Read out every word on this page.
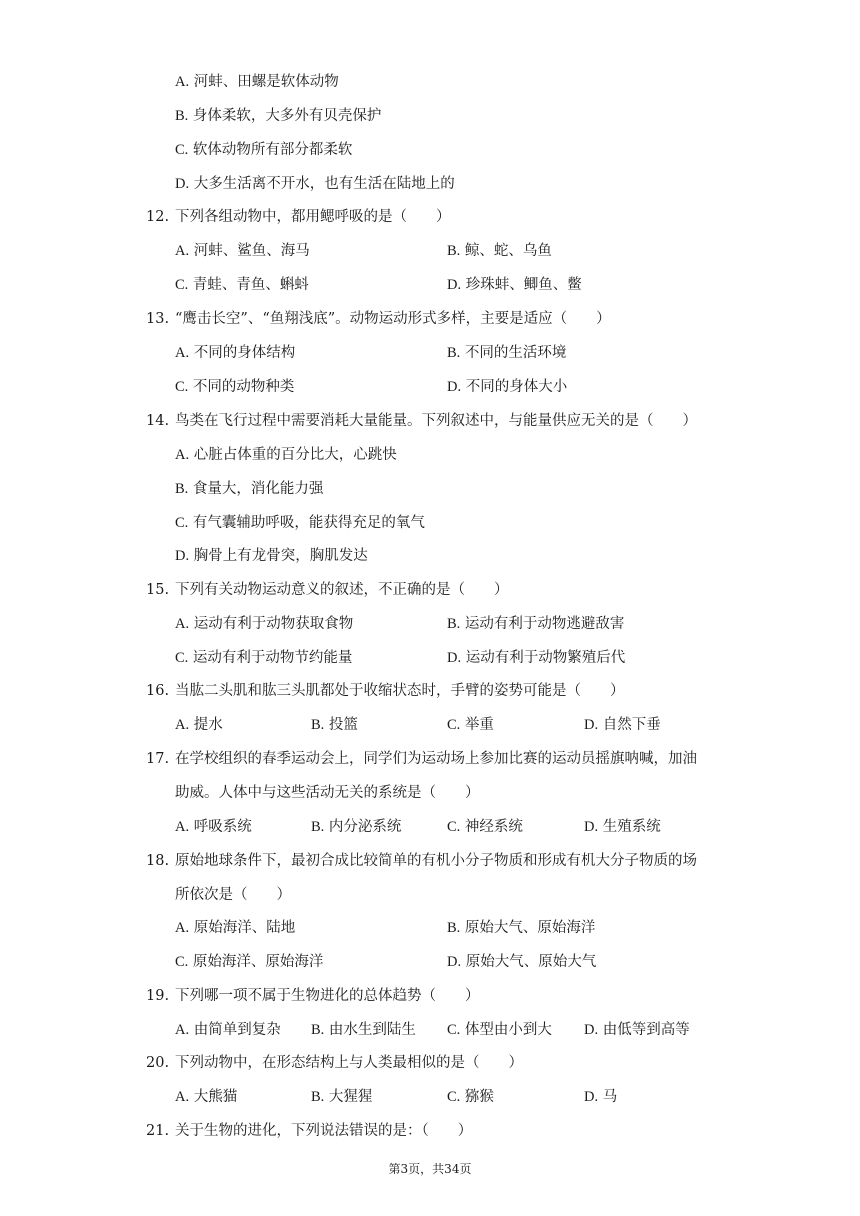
A. 河蚌、田螺是软体动物
B. 身体柔软，大多外有贝壳保护
C. 软体动物所有部分都柔软
D. 大多生活离不开水，也有生活在陆地上的
12. 下列各组动物中，都用鳃呼吸的是（　　）
A. 河蚌、鲨鱼、海马	B. 鲸、蛇、乌鱼
C. 青蛙、青鱼、蝌蚪	D. 珍珠蚌、鲫鱼、鳖
13. “鹰击长空”、“鱼翔浅底”。动物运动形式多样，主要是适应（　　）
A. 不同的身体结构	B. 不同的生活环境
C. 不同的动物种类	D. 不同的身体大小
14. 鸟类在飞行过程中需要消耗大量能量。下列叙述中，与能量供应无关的是（　　）
A. 心脏占体重的百分比大，心跳快
B. 食量大，消化能力强
C. 有气囊辅助呼吸，能获得充足的氧气
D. 胸骨上有龙骨突，胸肌发达
15. 下列有关动物运动意义的叙述，不正确的是（　　）
A. 运动有利于动物获取食物	B. 运动有利于动物逃避敌害
C. 运动有利于动物节约能量	D. 运动有利于动物繁殖后代
16. 当肱二头肌和肱三头肌都处于收缩状态时，手臂的姿势可能是（　　）
A. 提水	B. 投篮	C. 举重	D. 自然下垂
17. 在学校组织的春季运动会上，同学们为运动场上参加比赛的运动员摇旗呐喊，加油
助威。人体中与这些活动无关的系统是（　　）
A. 呼吸系统	B. 内分泌系统	C. 神经系统	D. 生殖系统
18. 原始地球条件下，最初合成比较简单的有机小分子物质和形成有机大分子物质的场
所依次是（　　）
A. 原始海洋、陆地	B. 原始大气、原始海洋
C. 原始海洋、原始海洋	D. 原始大气、原始大气
19. 下列哪一项不属于生物进化的总体趋势（　　）
A. 由简单到复杂 B. 由水生到陆生 C. 体型由小到大 D. 由低等到高等
20. 下列动物中，在形态结构上与人类最相似的是（　　）
A. 大熊猫	B. 大猩猩	C. 猕猴	D. 马
21. 关于生物的进化，下列说法错误的是：（　　）
第3页，共34页
